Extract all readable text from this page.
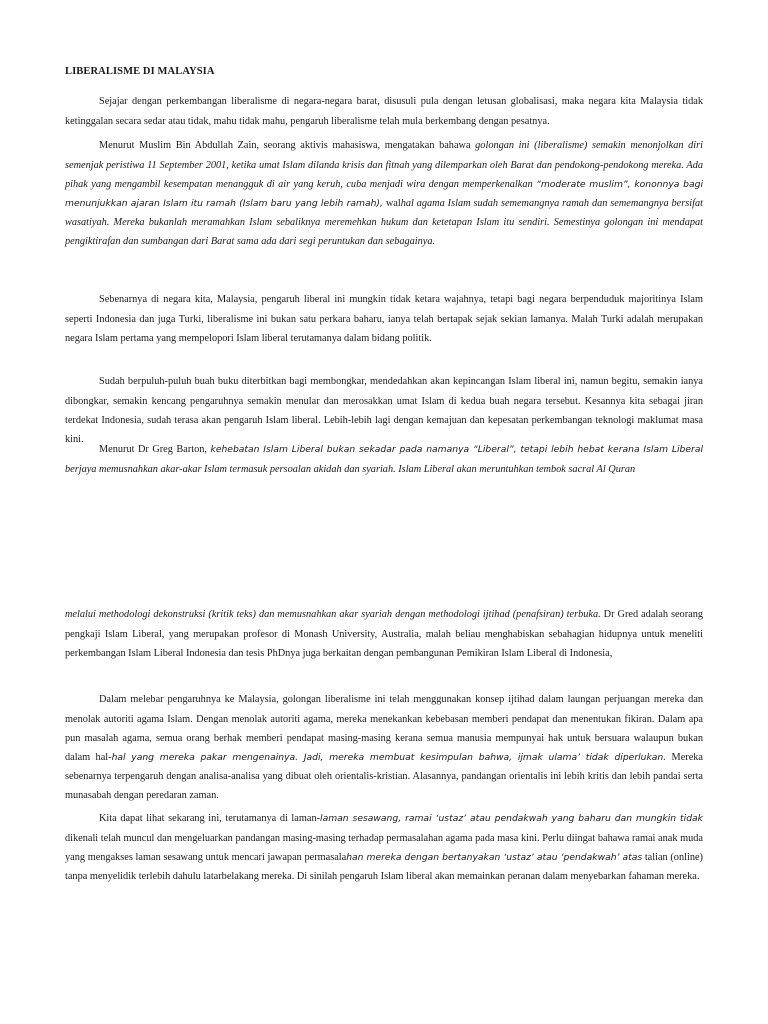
LIBERALISME DI MALAYSIA

Sejajar dengan perkembangan liberalisme di negara-negara barat, disusuli pula dengan letusan globalisasi, maka negara kita Malaysia tidak ketinggalan secara sedar atau tidak, mahu tidak mahu, pengaruh liberalisme telah mula berkembang dengan pesatnya.

Menurut Muslim Bin Abdullah Zain, seorang aktivis mahasiswa, mengatakan bahawa golongan ini (liberalisme) semakin menonjolkan diri semenjak peristiwa 11 September 2001, ketika umat Islam dilanda krisis dan fitnah yang dilemparkan oleh Barat dan pendokong-pendokong mereka. Ada pihak yang mengambil kesempatan menangguk di air yang keruh, cuba menjadi wira dengan memperkenalkan “moderate muslim”, kononnya bagi menunjukkan ajaran Islam itu ramah (Islam baru yang lebih ramah), walhal agama Islam sudah sememangnya ramah dan sememangnya bersifat wasatiyah. Mereka bukanlah meramahkan Islam sebaliknya meremehkan hukum dan ketetapan Islam itu sendiri. Semestinya golongan ini mendapat pengiktirafan dan sumbangan dari Barat sama ada dari segi peruntukan dan sebagainya.

Sebenarnya di negara kita, Malaysia, pengaruh liberal ini mungkin tidak ketara wajahnya, tetapi bagi negara berpenduduk majoritinya Islam seperti Indonesia dan juga Turki, liberalisme ini bukan satu perkara baharu, ianya telah bertapak sejak sekian lamanya. Malah Turki adalah merupakan negara Islam pertama yang mempelopori Islam liberal terutamanya dalam bidang politik.

Sudah berpuluh-puluh buah buku diterbitkan bagi membongkar, mendedahkan akan kepincangan Islam liberal ini, namun begitu, semakin ianya dibongkar, semakin kencang pengaruhnya semakin menular dan merosakkan umat Islam di kedua buah negara tersebut. Kesannya kita sebagai jiran terdekat Indonesia, sudah terasa akan pengaruh Islam liberal. Lebih-lebih lagi dengan kemajuan dan kepesatan perkembangan teknologi maklumat masa kini.

Menurut Dr Greg Barton, kehebatan Islam Liberal bukan sekadar pada namanya “Liberal”, tetapi lebih hebat kerana Islam Liberal berjaya memusnahkan akar-akar Islam termasuk persoalan akidah dan syariah. Islam Liberal akan meruntuhkan tembok sacral Al Quran

melalui methodologi dekonstruksi (kritik teks) dan memusnahkan akar syariah dengan methodologi ijtihad (penafsiran) terbuka. Dr Gred adalah seorang pengkaji Islam Liberal, yang merupakan profesor di Monash University, Australia, malah beliau menghabiskan sebahagian hidupnya untuk meneliti perkembangan Islam Liberal Indonesia dan tesis PhDnya juga berkaitan dengan pembangunan Pemikiran Islam Liberal di Indonesia,

Dalam melebar pengaruhnya ke Malaysia, golongan liberalisme ini telah menggunakan konsep ijtihad dalam laungan perjuangan mereka dan menolak autoriti agama Islam. Dengan menolak autoriti agama, mereka menekankan kebebasan memberi pendapat dan menentukan fikiran. Dalam apa pun masalah agama, semua orang berhak memberi pendapat masing-masing kerana semua manusia mempunyai hak untuk bersuara walaupun bukan dalam hal-hal yang mereka pakar mengenainya. Jadi, mereka membuat kesimpulan bahwa, ijmak ulama’ tidak diperlukan. Mereka sebenarnya terpengaruh dengan analisa-analisa yang dibuat oleh orientalis-kristian. Alasannya, pandangan orientalis ini lebih kritis dan lebih pandai serta munasabah dengan peredaran zaman.

Kita dapat lihat sekarang ini, terutamanya di laman-laman sesawang, ramai ‘ustaz’ atau pendakwah yang baharu dan mungkin tidak dikenali telah muncul dan mengeluarkan pandangan masing-masing terhadap permasalahan agama pada masa kini. Perlu diingat bahawa ramai anak muda yang mengakses laman sesawang untuk mencari jawapan permasalahan mereka dengan bertanyakan ‘ustaz’ atau ‘pendakwah’ atas talian (online) tanpa menyelidik terlebih dahulu latarbelakang mereka. Di sinilah pengaruh Islam liberal akan memainkan peranan dalam menyebarkan fahaman mereka.
